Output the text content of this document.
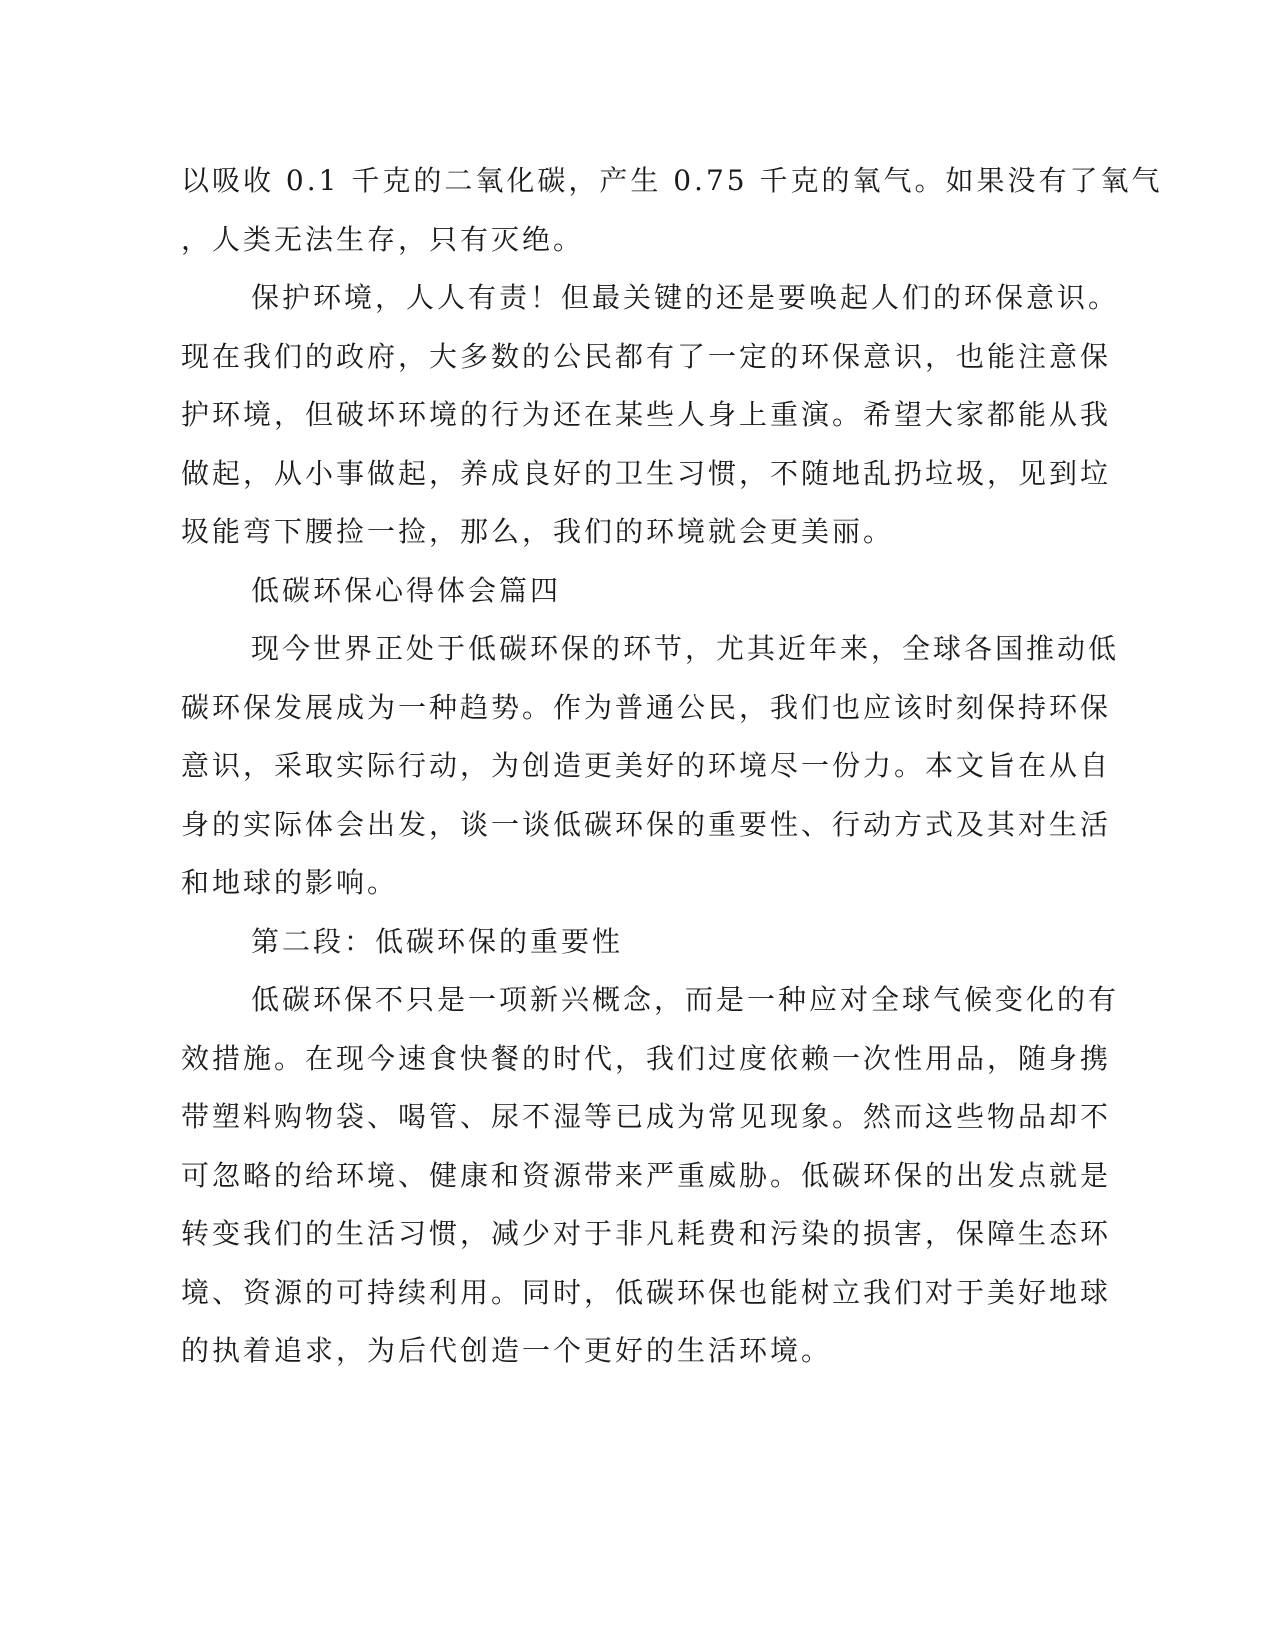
以吸收 0.1 千克的二氧化碳，产生 0.75 千克的氧气。如果没有了氧气
，人类无法生存，只有灭绝。
保护环境，人人有责！但最关键的还是要唤起人们的环保意识。
现在我们的政府，大多数的公民都有了一定的环保意识，也能注意保
护环境，但破坏环境的行为还在某些人身上重演。希望大家都能从我
做起，从小事做起，养成良好的卫生习惯，不随地乱扔垃圾，见到垃
圾能弯下腰捡一捡，那么，我们的环境就会更美丽。
低碳环保心得体会篇四
现今世界正处于低碳环保的环节，尤其近年来，全球各国推动低
碳环保发展成为一种趋势。作为普通公民，我们也应该时刻保持环保
意识，采取实际行动，为创造更美好的环境尽一份力。本文旨在从自
身的实际体会出发，谈一谈低碳环保的重要性、行动方式及其对生活
和地球的影响。
第二段：低碳环保的重要性
低碳环保不只是一项新兴概念，而是一种应对全球气候变化的有
效措施。在现今速食快餐的时代，我们过度依赖一次性用品，随身携
带塑料购物袋、喝管、尿不湿等已成为常见现象。然而这些物品却不
可忽略的给环境、健康和资源带来严重威胁。低碳环保的出发点就是
转变我们的生活习惯，减少对于非凡耗费和污染的损害，保障生态环
境、资源的可持续利用。同时，低碳环保也能树立我们对于美好地球
的执着追求，为后代创造一个更好的生活环境。
